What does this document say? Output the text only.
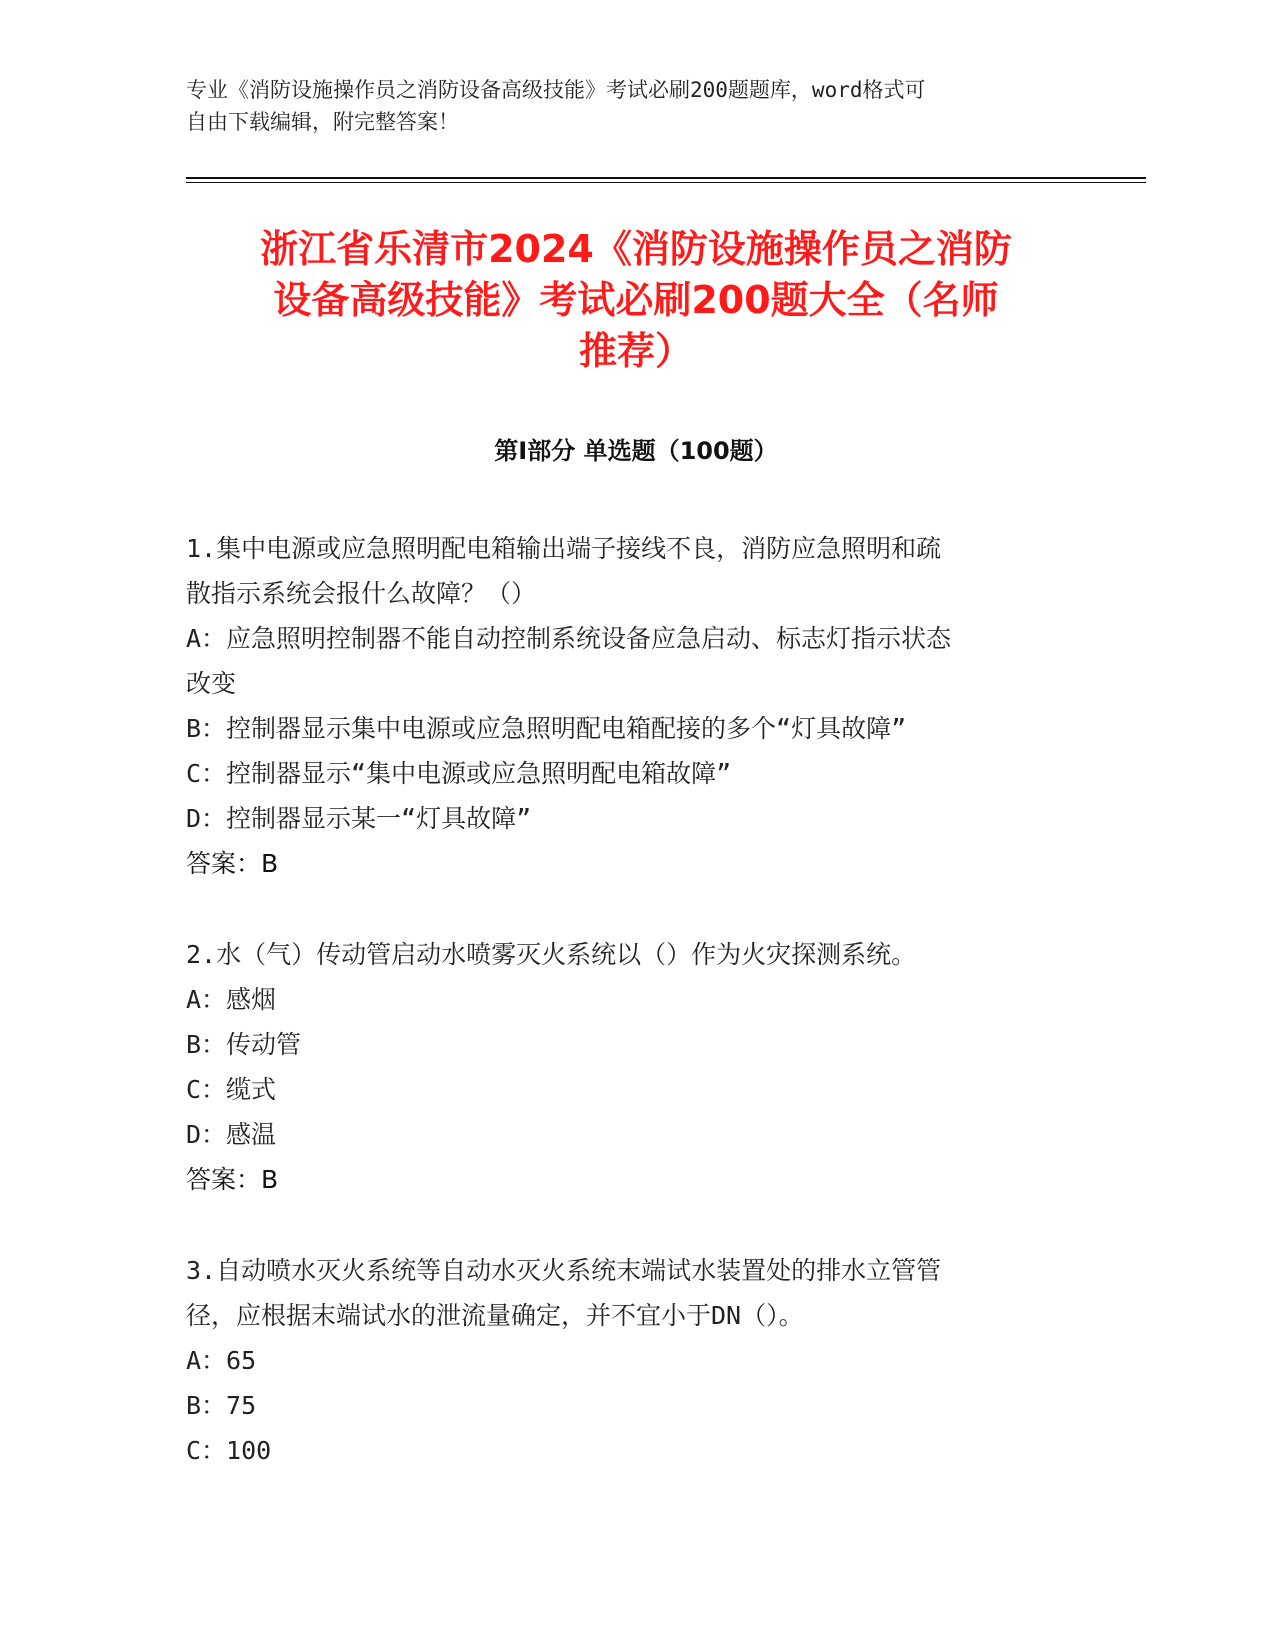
专业《消防设施操作员之消防设备高级技能》考试必刷200题题库，word格式可
自由下载编辑，附完整答案！
浙江省乐清市2024《消防设施操作员之消防
设备高级技能》考试必刷200题大全（名师
推荐）
第I部分 单选题（100题）

1.集中电源或应急照明配电箱输出端子接线不良，消防应急照明和疏

散指示系统会报什么故障？（）

A：应急照明控制器不能自动控制系统设备应急启动、标志灯指示状态

改变

B：控制器显示集中电源或应急照明配电箱配接的多个“灯具故障”

C：控制器显示“集中电源或应急照明配电箱故障”

D：控制器显示某一“灯具故障”

答案：B

2.水（气）传动管启动水喷雾灭火系统以（）作为火灾探测系统。

A：感烟

B：传动管

C：缆式

D：感温

答案：B

3.自动喷水灭火系统等自动水灭火系统末端试水装置处的排水立管管

径，应根据末端试水的泄流量确定，并不宜小于DN（）。

A：65

B：75

C：100
